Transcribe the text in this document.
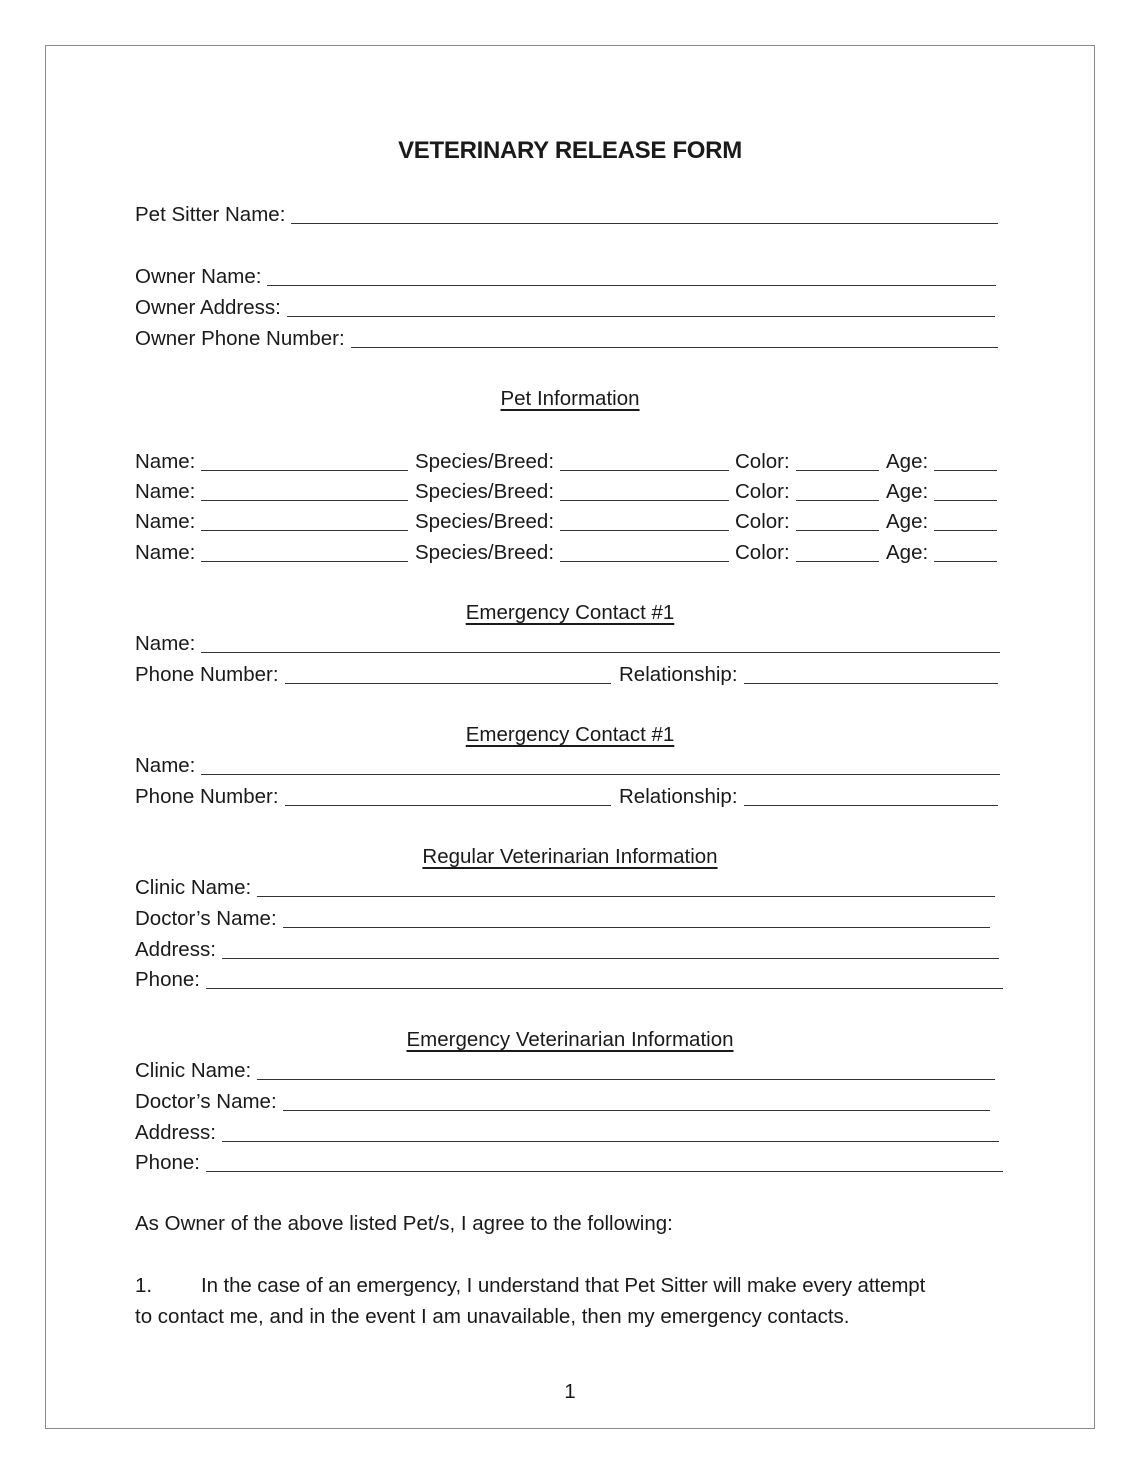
VETERINARY RELEASE FORM
Pet Sitter Name:
Owner Name:
Owner Address:
Owner Phone Number:
Name:	Species/Breed:	Color:	Age:
Name:	Species/Breed:	Color:	Age:
Name:	Species/Breed:	Color:	Age:
Name:	Species/Breed:	Color:	Age:
Name:
Phone Number:	Relationship:
Name:
Phone Number:	Relationship:
Clinic Name:
Doctor’s Name:
Address:
Phone:
Clinic Name:
Doctor’s Name:
Address:
Phone:
Pet Information
Emergency Contact #1
Emergency Contact #1
Regular Veterinarian Information
Emergency Veterinarian Information
As Owner of the above listed Pet/s, I agree to the following:
1. In the case of an emergency, I understand that Pet Sitter will make every attempt
to contact me, and in the event I am unavailable, then my emergency contacts.
1
